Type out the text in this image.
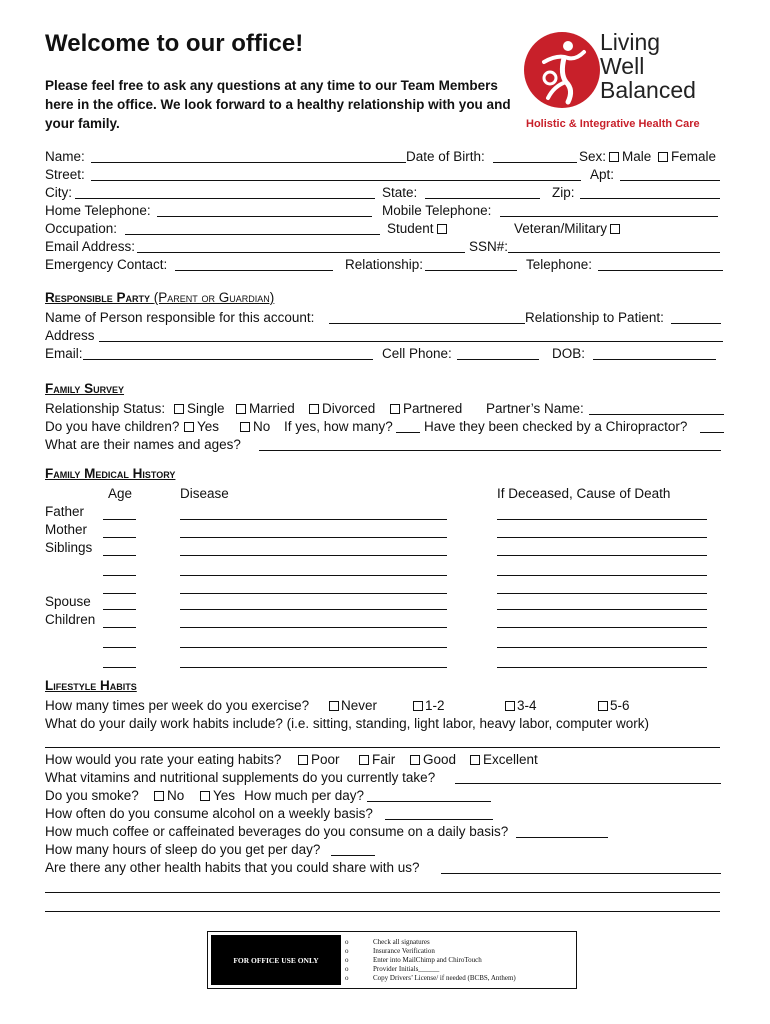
Welcome to our office!
Please feel free to ask any questions at any time to our Team Members here in the office. We look forward to a healthy relationship with you and your family.
Living
Well
Balanced
Holistic & Integrative Health Care
Name:	Date of Birth:	Sex: Male Female
Street:	Apt:
City:	State:	Zip:
Home Telephone:	Mobile Telephone:
Occupation:	Student	Veteran/Military
Email Address:	SSN#:
Emergency Contact:	Relationship:	Telephone:
Responsible Party (Parent or Guardian)
Name of Person responsible for this account:	Relationship to Patient:
Address
Email:	Cell Phone:	DOB:
Family Survey
Relationship Status:	Single	Married	Divorced	Partnered Partner’s Name:
Do you have children?	Yes	No If yes, how many? Have they been checked by a Chiropractor?
What are their names and ages?
Family Medical History
Age	Disease	If Deceased, Cause of Death
Father
Mother
Siblings
Spouse
Children
Lifestyle Habits
How many times per week do you exercise?	Never	1-2	3-4	5-6
What do your daily work habits include? (i.e. sitting, standing, light labor, heavy labor, computer work)
How would you rate your eating habits?	Poor	Fair	Good	Excellent
What vitamins and nutritional supplements do you currently take?
Do you smoke?	No	Yes How much per day?
How often do you consume alcohol on a weekly basis?
How much coffee or caffeinated beverages do you consume on a daily basis?
How many hours of sleep do you get per day?
Are there any other health habits that you could share with us?
FOR OFFICE USE ONLY
o	Check all signatures
o	Insurance Verification
o	Enter into MailChimp and ChiroTouch
o	Provider Initials______
o	Copy Drivers’ License/ if needed (BCBS, Anthem)
